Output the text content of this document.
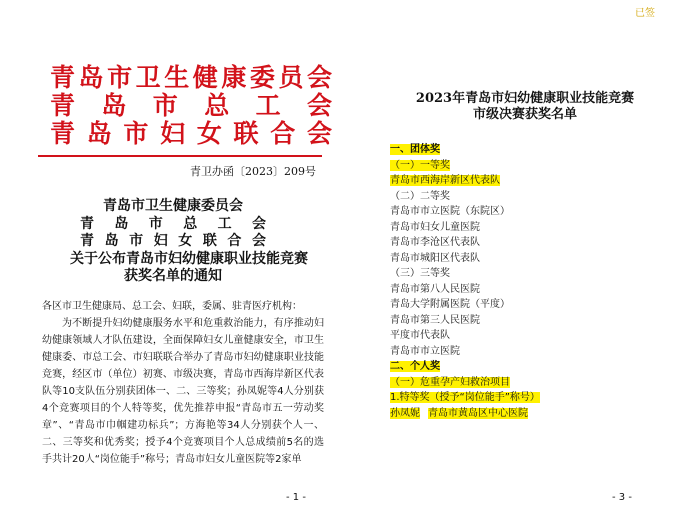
青岛市卫生健康委员会
青岛市总工会
青岛市妇女联合会
青卫办函〔2023〕209号
青岛市卫生健康委员会
青岛市总工会
青岛市妇女联合会
关于公布青岛市妇幼健康职业技能竞赛
获奖名单的通知

各区市卫生健康局、总工会、妇联，委属、驻青医疗机构：

为不断提升妇幼健康服务水平和危重救治能力，有序推动妇幼健康领域人才队伍建设，全面保障妇女儿童健康安全，市卫生健康委、市总工会、市妇联联合举办了青岛市妇幼健康职业技能竞赛，经区市（单位）初赛、市级决赛，青岛市西海岸新区代表队等10支队伍分别获团体一、二、三等奖；孙凤妮等4人分别获4个竞赛项目的个人特等奖，优先推荐申报“青岛市五一劳动奖章”、“青岛市巾帼建功标兵”；方海艳等34人分别获个人一、二、三等奖和优秀奖；授予4个竞赛项目个人总成绩前5名的选手共计20人“岗位能手”称号；青岛市妇女儿童医院等2家单

- 1 -
已签
2023年青岛市妇幼健康职业技能竞赛
市级决赛获奖名单
一、团体奖
（一）一等奖
青岛市西海岸新区代表队
（二）二等奖
青岛市市立医院（东院区）
青岛市妇女儿童医院
青岛市李沧区代表队
青岛市城阳区代表队
（三）三等奖
青岛市第八人民医院
青岛大学附属医院（平度）
青岛市第三人民医院
平度市代表队
青岛市市立医院
二、个人奖
（一）危重孕产妇救治项目
1.特等奖（授予“岗位能手”称号）
孙凤妮 青岛市黄岛区中心医院
- 3 -
